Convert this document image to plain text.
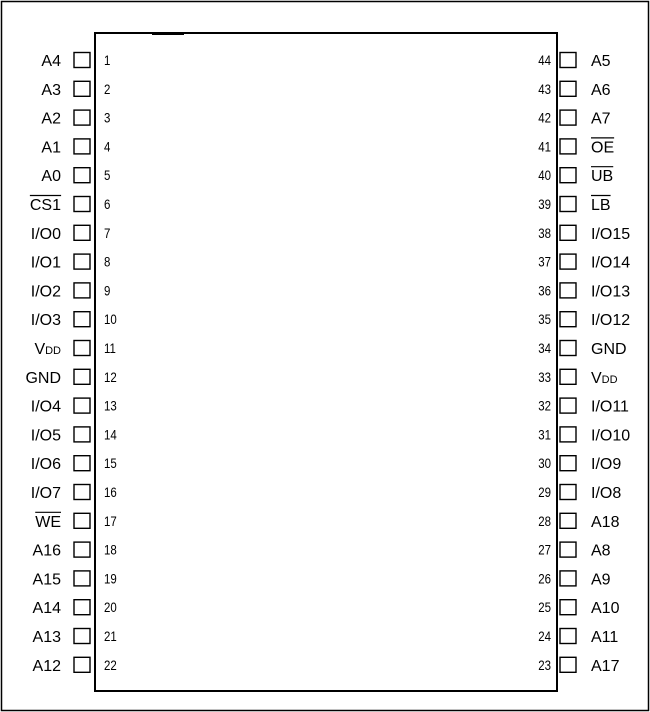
1
A4
2
A3
3
A2
4
A1
5
A0
6
CS1
7
I/O0
8
I/O1
9
I/O2
10
I/O3
11
VDD
12
GND
13
I/O4
14
I/O5
15
I/O6
16
I/O7
17
WE
18
A16
19
A15
20
A14
21
A13
22
A12
44	A5
43	A6
42	A7
41	OE
40	UB
39	LB
38	I/O15
37	I/O14
36	I/O13
35	I/O12
34	GND
33	VDD
32	I/O11
31	I/O10
30	I/O9
29	I/O8
28	A18
27	A8
26	A9
25	A10
24	A11
23	A17
